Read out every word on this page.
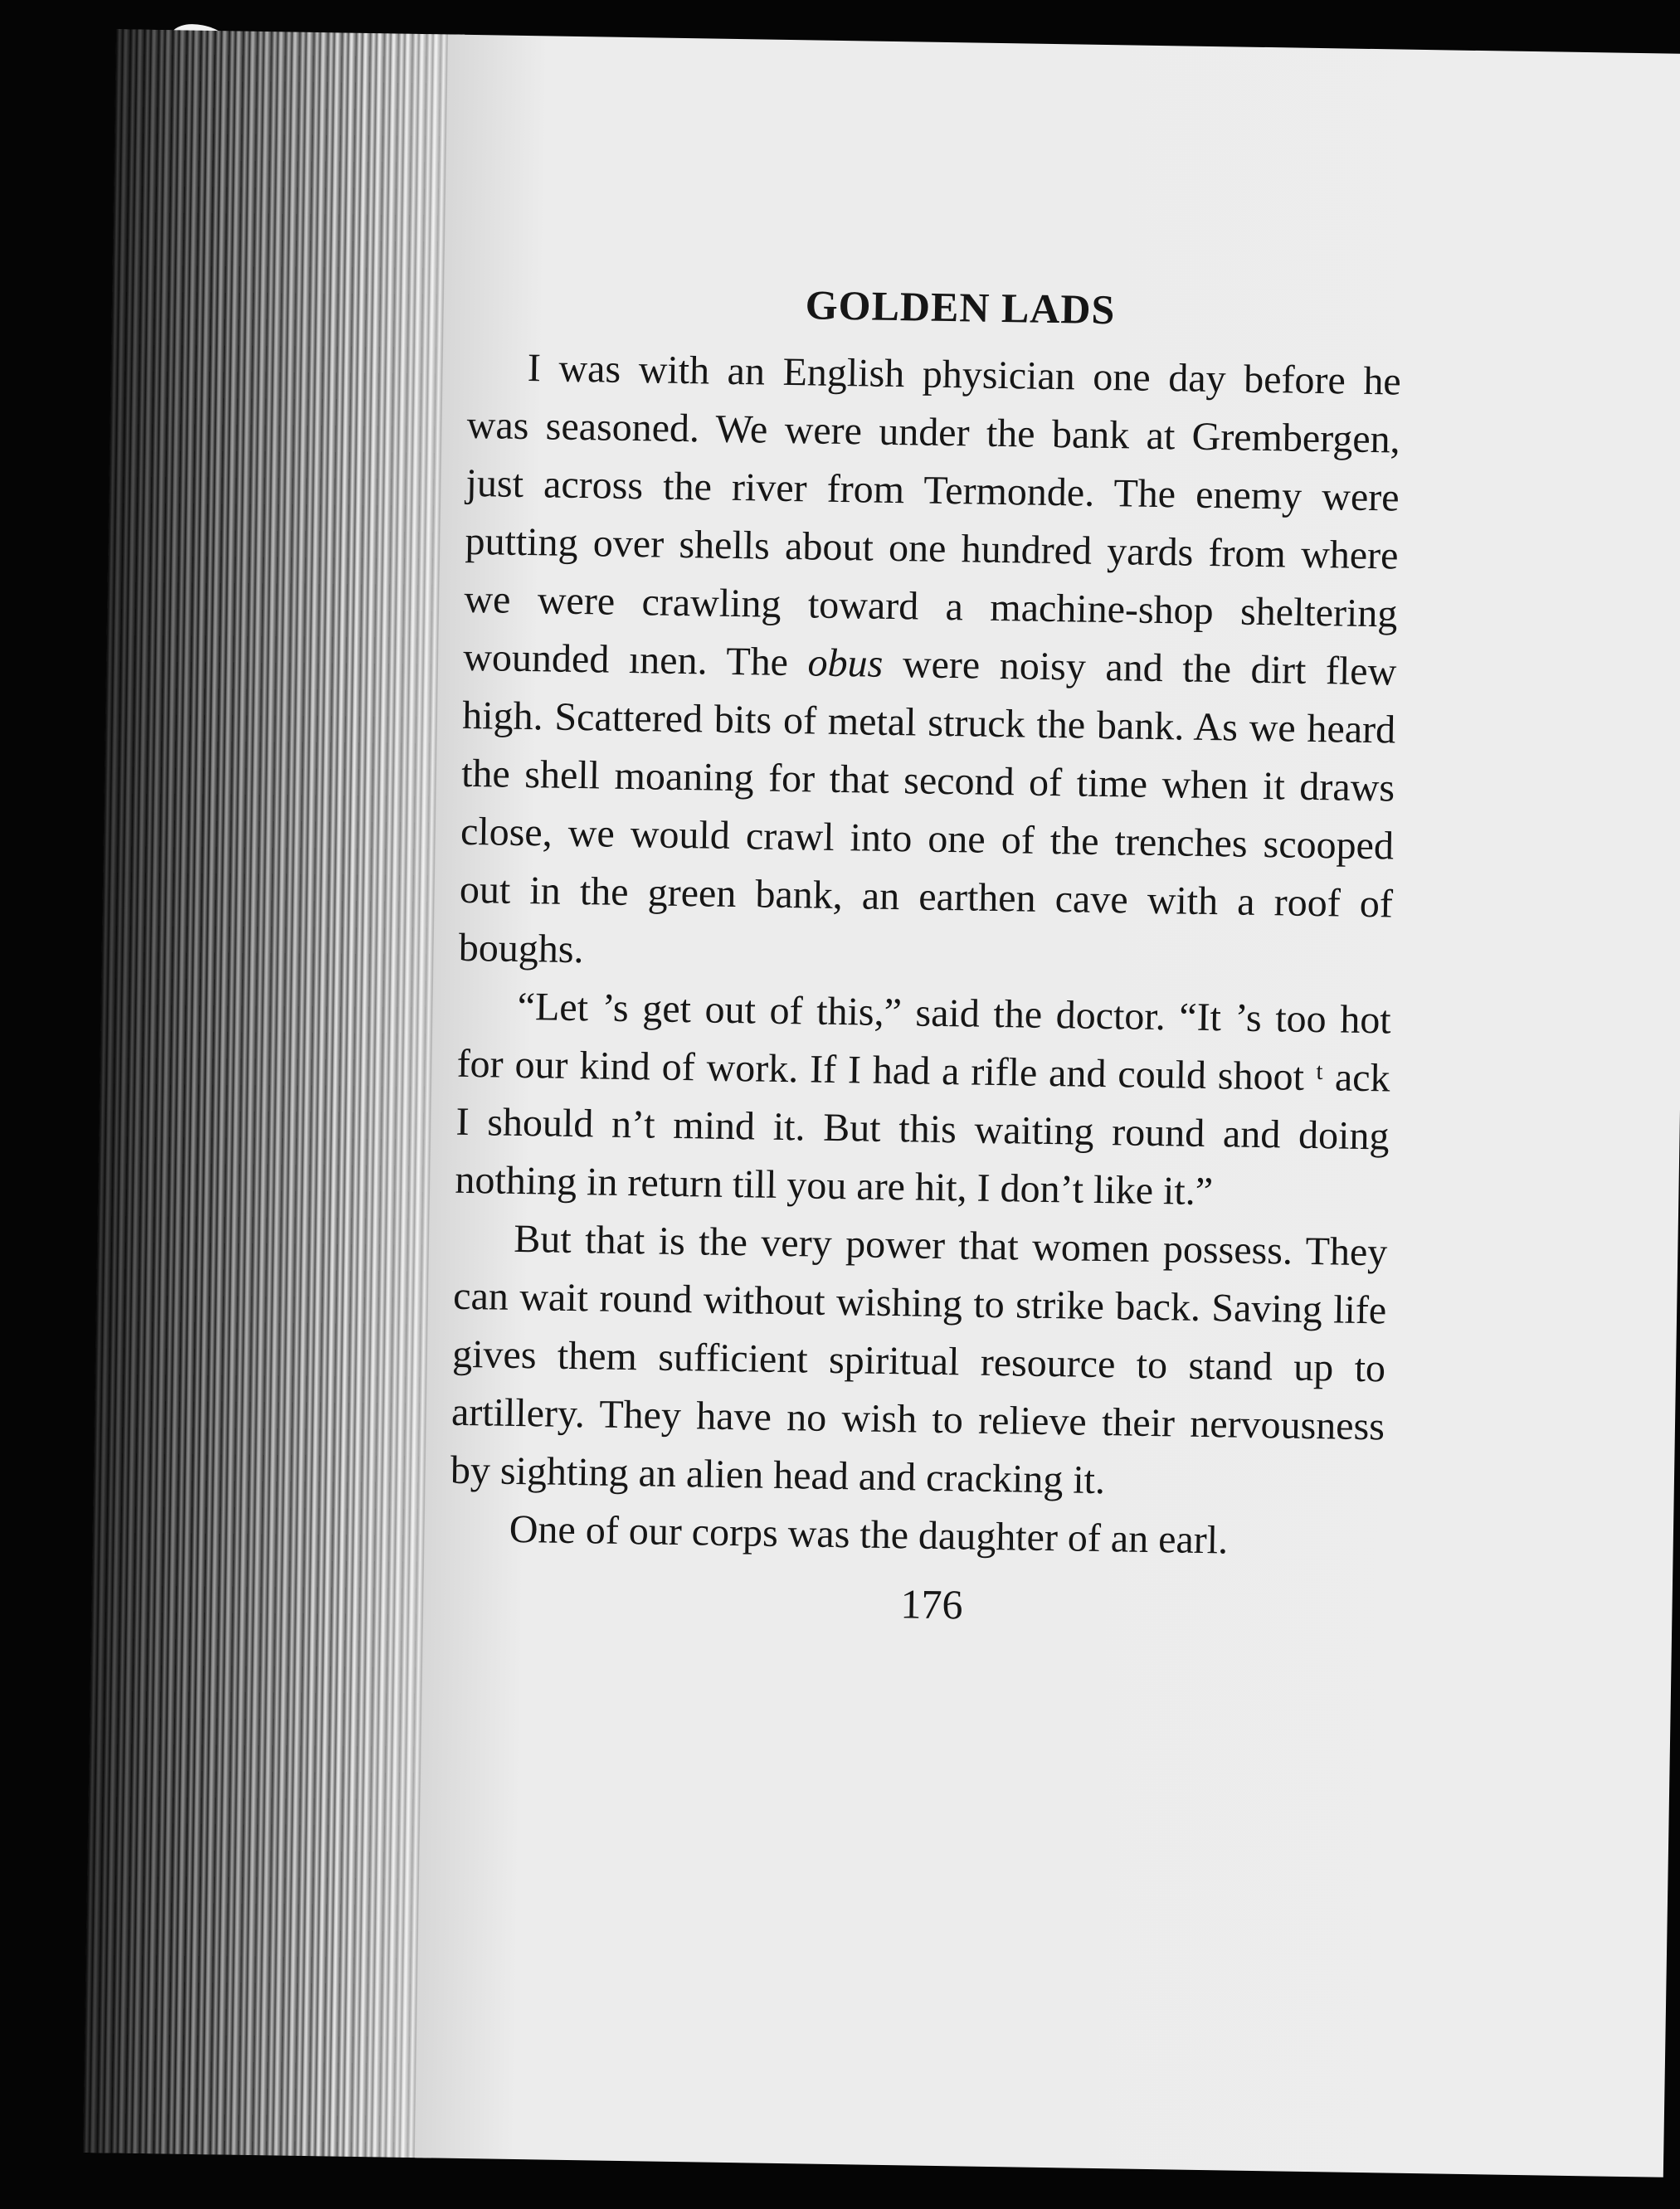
GOLDEN LADS

I was with an English physician one day before he was seasoned. We were under the bank at Grembergen, just across the river from Termonde. The enemy were putting over shells about one hundred yards from where we were crawling toward a machine-shop sheltering wounded ınen. The obus were noisy and the dirt flew high. Scattered bits of metal struck the bank. As we heard the shell moaning for that second of time when it draws close, we would crawl into one of the trenches scooped out in the green bank, an earthen cave with a roof of boughs.

“Let ’s get out of this,” said the doctor. “It ’s too hot for our kind of work. If I had a rifle and could shoot ᵗ ack I should n’t mind it. But this waiting round and doing nothing in return till you are hit, I don’t like it.”

But that is the very power that women possess. They can wait round without wishing to strike back. Saving life gives them sufficient spiritual resource to stand up to artillery. They have no wish to relieve their nervousness by sighting an alien head and cracking it.

One of our corps was the daughter of an earl.

176
